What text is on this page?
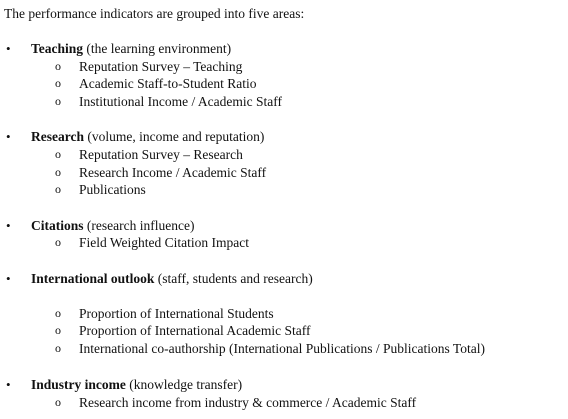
The performance indicators are grouped into five areas:
• Teaching (the learning environment)
o Reputation Survey – Teaching
o Academic Staff-to-Student Ratio
o Institutional Income / Academic Staff
• Research (volume, income and reputation)
o Reputation Survey – Research
o Research Income / Academic Staff
o Publications
• Citations (research influence)
o Field Weighted Citation Impact
• International outlook (staff, students and research)
o Proportion of International Students
o Proportion of International Academic Staff
o International co-authorship (International Publications / Publications Total)
• Industry income (knowledge transfer)
o Research income from industry & commerce / Academic Staff
